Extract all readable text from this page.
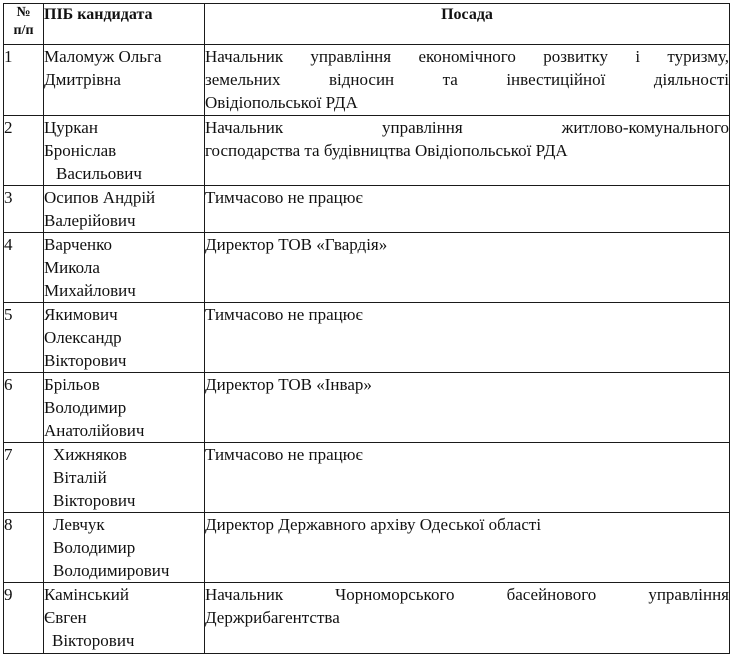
№
п/п	ПІБ кандидата	Посада
1	Маломуж Ольга
Дмитрівна	Начальник управління економічного розвитку і туризму,
земельних відносин та інвестиційної діяльності
Овідіопольської РДА

2	Цуркан
Броніслав
Васильович	Начальник управління житлово-комунального
господарства та будівництва Овідіопольської РДА

3	Осипов Андрій
Валерійович	Тимчасово не працює

4	Варченко
Микола
Михайлович	Директор ТОВ «Гвардія»

5	Якимович
Олександр
Вікторович	Тимчасово не працює

6	Брільов
Володимир
Анатолійович	Директор ТОВ «Інвар»

7	Хижняков
Віталій
Вікторович	Тимчасово не працює

8	Левчук
Володимир
Володимирович	Директор Державного архіву Одеської області

9	Камінський
Євген
Вікторович	Начальник Чорноморського басейнового управління
Держрибагентства
